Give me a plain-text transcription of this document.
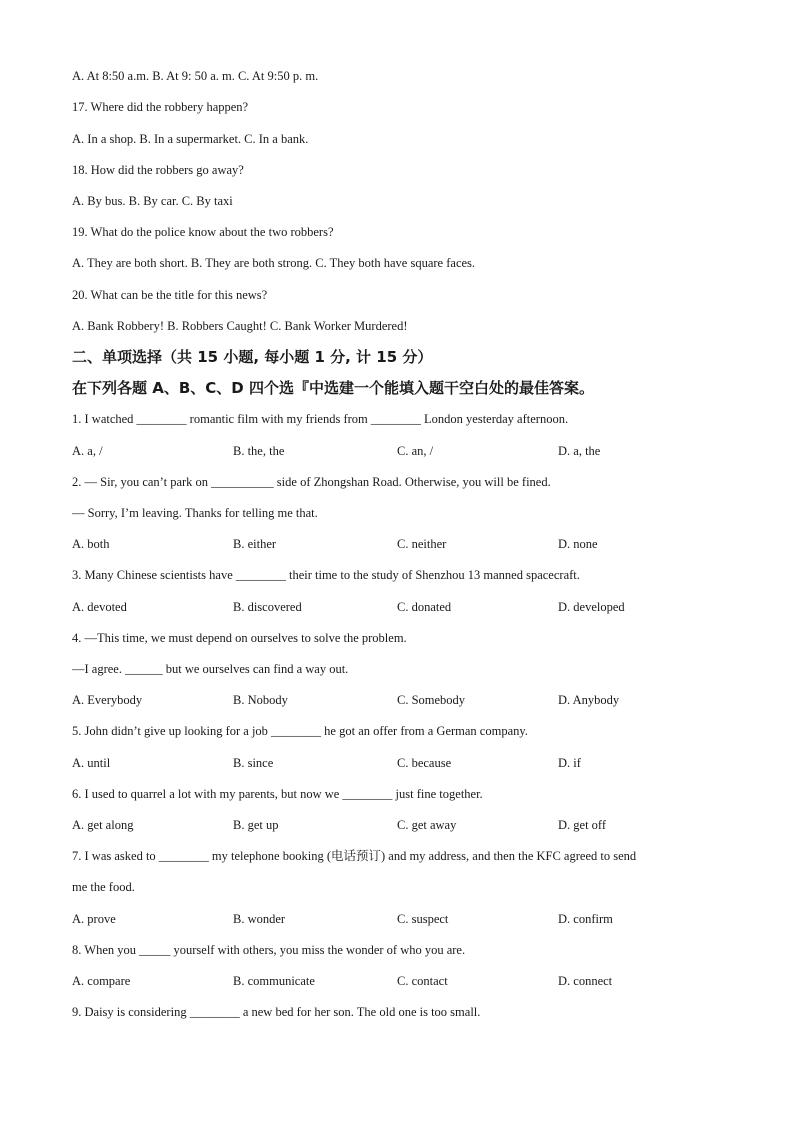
A. At 8:50 a.m. B. At 9: 50 a. m. C. At 9:50 p. m.
17. Where did the robbery happen?
A. In a shop. B. In a supermarket. C. In a bank.
18. How did the robbers go away?
A. By bus. B. By car. C. By taxi
19. What do the police know about the two robbers?
A. They are both short. B. They are both strong. C. They both have square faces.
20. What can be the title for this news?
A. Bank Robbery! B. Robbers Caught! C. Bank Worker Murdered!
二、单项选择（共 15 小题, 每小题 1 分, 计 15 分）
在下列各题 A、B、C、D 四个选『中选建一个能填入题干空白处的最佳答案。
1. I watched ________ romantic film with my friends from ________ London yesterday afternoon.
A. a, /	B. the, the	C. an, /	D. a, the
2. — Sir, you can’t park on __________ side of Zhongshan Road. Otherwise, you will be fined.
— Sorry, I’m leaving. Thanks for telling me that.
A. both	B. either	C. neither	D. none
3. Many Chinese scientists have ________ their time to the study of Shenzhou 13 manned spacecraft.
A. devoted	B. discovered	C. donated	D. developed
4. —This time, we must depend on ourselves to solve the problem.
—I agree. ______ but we ourselves can find a way out.
A. Everybody	B. Nobody	C. Somebody	D. Anybody
5. John didn’t give up looking for a job ________ he got an offer from a German company.
A. until	B. since	C. because	D. if
6. I used to quarrel a lot with my parents, but now we ________ just fine together.
A. get along	B. get up	C. get away	D. get off
7. I was asked to ________ my telephone booking (电话预订) and my address, and then the KFC agreed to send
me the food.
A. prove	B. wonder	C. suspect	D. confirm
8. When you _____ yourself with others, you miss the wonder of who you are.
A. compare	B. communicate	C. contact	D. connect
9. Daisy is considering ________ a new bed for her son. The old one is too small.
